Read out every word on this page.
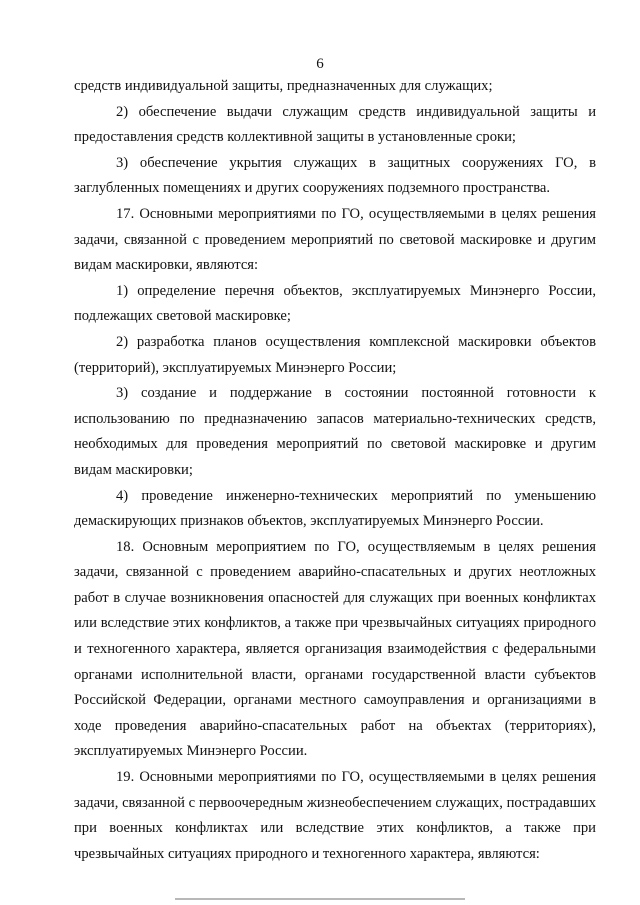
6

средств индивидуальной защиты, предназначенных для служащих;

2) обеспечение выдачи служащим средств индивидуальной защиты и предоставления средств коллективной защиты в установленные сроки;

3) обеспечение укрытия служащих в защитных сооружениях ГО, в заглубленных помещениях и других сооружениях подземного пространства.

17. Основными мероприятиями по ГО, осуществляемыми в целях решения задачи, связанной с проведением мероприятий по световой маскировке и другим видам маскировки, являются:

1) определение перечня объектов, эксплуатируемых Минэнерго России, подлежащих световой маскировке;

2) разработка планов осуществления комплексной маскировки объектов (территорий), эксплуатируемых Минэнерго России;

3) создание и поддержание в состоянии постоянной готовности к использованию по предназначению запасов материально-технических средств, необходимых для проведения мероприятий по световой маскировке и другим видам маскировки;

4) проведение инженерно-технических мероприятий по уменьшению демаскирующих признаков объектов, эксплуатируемых Минэнерго России.

18. Основным мероприятием по ГО, осуществляемым в целях решения задачи, связанной с проведением аварийно-спасательных и других неотложных работ в случае возникновения опасностей для служащих при военных конфликтах или вследствие этих конфликтов, а также при чрезвычайных ситуациях природного и техногенного характера, является организация взаимодействия с федеральными органами исполнительной власти, органами государственной власти субъектов Российской Федерации, органами местного самоуправления и организациями в ходе проведения аварийно-спасательных работ на объектах (территориях), эксплуатируемых Минэнерго России.

19. Основными мероприятиями по ГО, осуществляемыми в целях решения задачи, связанной с первоочередным жизнеобеспечением служащих, пострадавших при военных конфликтах или вследствие этих конфликтов, а также при чрезвычайных ситуациях природного и техногенного характера, являются:
